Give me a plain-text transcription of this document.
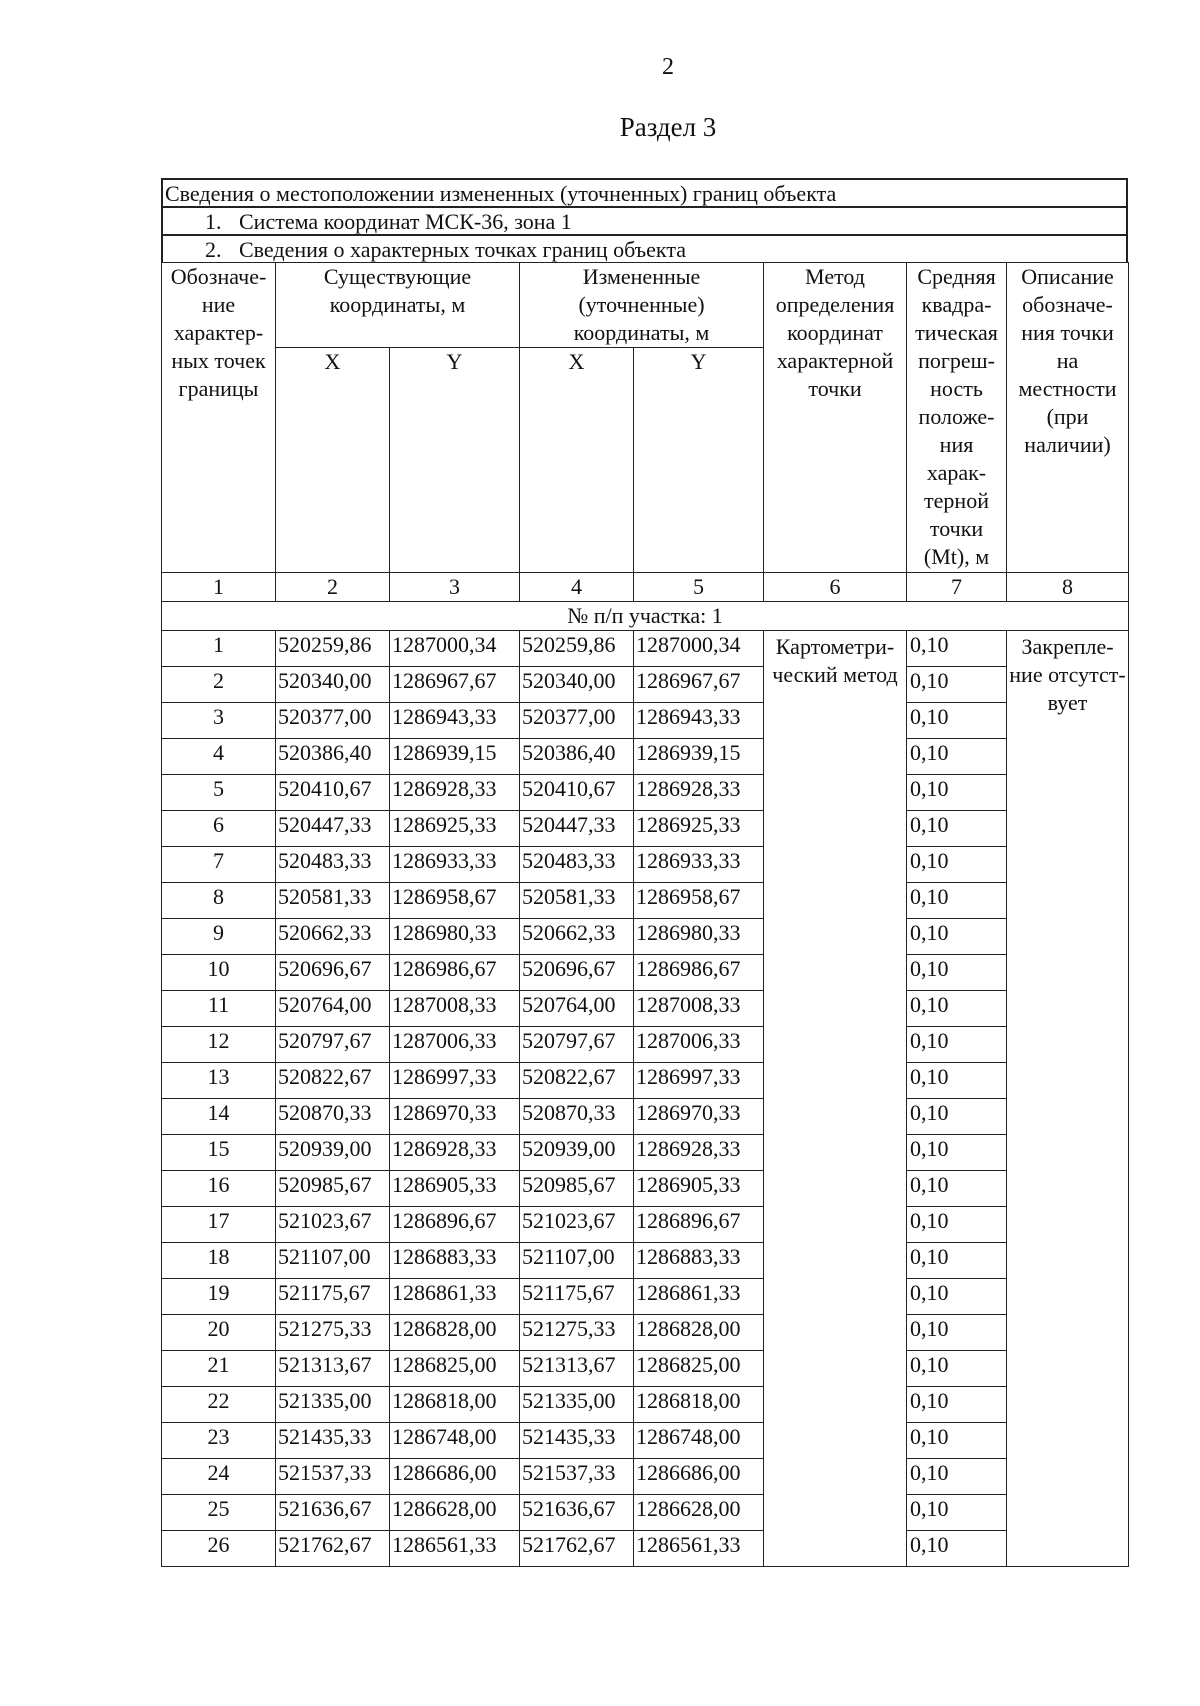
2
Раздел 3
Сведения о местоположении измененных (уточненных) границ объекта
1. Система координат МСК-36, зона 1
2. Сведения о характерных точках границ объекта
Обозначе-ние характер-ных точек границы	Существующие координаты, м		Измененные (уточненные) координаты, м		Метод определения координат характерной точки	Средняя квадра-тическая погреш-ность положе-ния харак-терной точки (Mt), м	Описание обозначе-ния точки на местности (при наличии)
	X	Y	X	Y			
1	2	3	4	5	6	7	8
№ п/п участка: 1							
1	520259,86	1287000,34	520259,86	1287000,34	Картометри-ческий метод	0,10	Закрепле-ние отсутст-вует
2	520340,00	1286967,67	520340,00	1286967,67		0,10	
3	520377,00	1286943,33	520377,00	1286943,33		0,10	
4	520386,40	1286939,15	520386,40	1286939,15		0,10	
5	520410,67	1286928,33	520410,67	1286928,33		0,10	
6	520447,33	1286925,33	520447,33	1286925,33		0,10	
7	520483,33	1286933,33	520483,33	1286933,33		0,10	
8	520581,33	1286958,67	520581,33	1286958,67		0,10	
9	520662,33	1286980,33	520662,33	1286980,33		0,10	
10	520696,67	1286986,67	520696,67	1286986,67		0,10	
11	520764,00	1287008,33	520764,00	1287008,33		0,10	
12	520797,67	1287006,33	520797,67	1287006,33		0,10	
13	520822,67	1286997,33	520822,67	1286997,33		0,10	
14	520870,33	1286970,33	520870,33	1286970,33		0,10	
15	520939,00	1286928,33	520939,00	1286928,33		0,10	
16	520985,67	1286905,33	520985,67	1286905,33		0,10	
17	521023,67	1286896,67	521023,67	1286896,67		0,10	
18	521107,00	1286883,33	521107,00	1286883,33		0,10	
19	521175,67	1286861,33	521175,67	1286861,33		0,10	
20	521275,33	1286828,00	521275,33	1286828,00		0,10	
21	521313,67	1286825,00	521313,67	1286825,00		0,10	
22	521335,00	1286818,00	521335,00	1286818,00		0,10	
23	521435,33	1286748,00	521435,33	1286748,00		0,10	
24	521537,33	1286686,00	521537,33	1286686,00		0,10	
25	521636,67	1286628,00	521636,67	1286628,00		0,10	
26	521762,67	1286561,33	521762,67	1286561,33		0,10	
